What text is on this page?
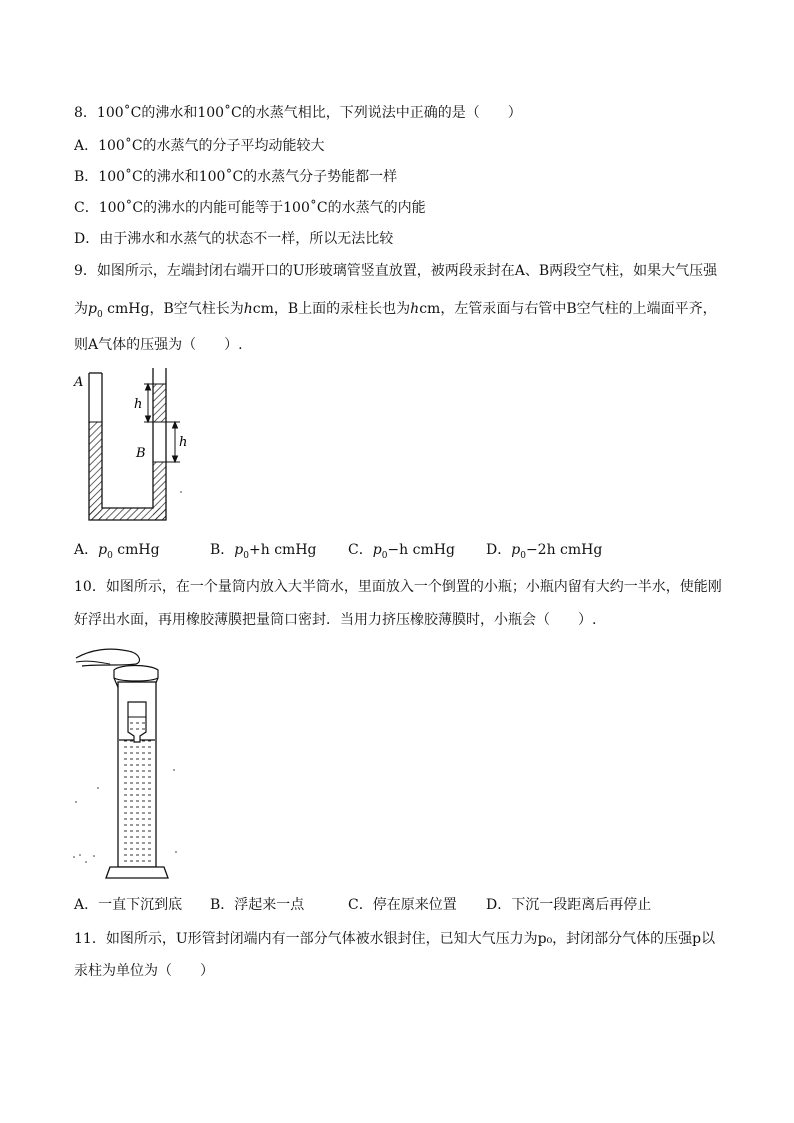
8．100˚C的沸水和100˚C的水蒸气相比，下列说法中正确的是（　　）
A．100˚C的水蒸气的分子平均动能较大
B．100˚C的沸水和100˚C的水蒸气分子势能都一样
C．100˚C的沸水的内能可能等于100˚C的水蒸气的内能
D．由于沸水和水蒸气的状态不一样，所以无法比较
9．如图所示，左端封闭右端开口的U形玻璃管竖直放置，被两段汞封在A、B两段空气柱，如果大气压强
为$p_0$ cmHg，B空气柱长为hcm，B上面的汞柱长也为hcm，左管汞面与右管中B空气柱的上端面平齐，
则A气体的压强为（　　）.
A
B
h
h
A．$p_0$ cmHg	B．$p_0+h$ cmHg C．$p_0-h$ cmHg D．$p_0-2h$ cmHg
10．如图所示，在一个量筒内放入大半筒水，里面放入一个倒置的小瓶；小瓶内留有大约一半水，使能刚
好浮出水面，再用橡胶薄膜把量筒口密封．当用力挤压橡胶薄膜时，小瓶会（　　）.
A．一直下沉到底 B．浮起来一点	C．停在原来位置 D．下沉一段距离后再停止
11．如图所示，U形管封闭端内有一部分气体被水银封住，已知大气压力为p₀，封闭部分气体的压强p以
汞柱为单位为（　　）
